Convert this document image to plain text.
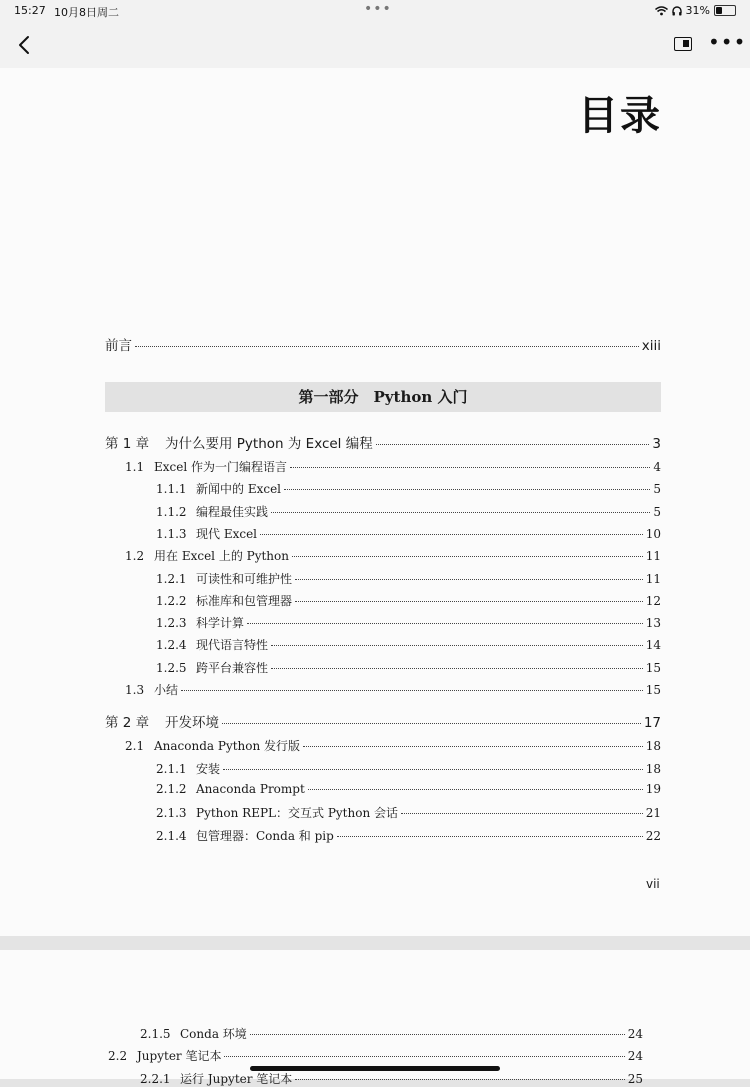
15:27 10月8日周二	•••	31%
•••
目录
前言	xiii
第一部分　Python 入门
第 1 章	为什么要用 Python 为 Excel 编程	3
1.1 Excel 作为一门编程语言	4
1.1.1 新闻中的 Excel	5
1.1.2 编程最佳实践	5
1.1.3 现代 Excel	10
1.2 用在 Excel 上的 Python	11
1.2.1 可读性和可维护性	11
1.2.2 标准库和包管理器	12
1.2.3 科学计算	13
1.2.4 现代语言特性	14
1.2.5 跨平台兼容性	15
1.3 小结	15
第 2 章	开发环境	17
2.1 Anaconda Python 发行版	18
2.1.1 安装	18
2.1.2 Anaconda Prompt	19
2.1.3 Python REPL：交互式 Python 会话	21
2.1.4 包管理器：Conda 和 pip	22
vii
2.1.5 Conda 环境	24
2.2 Jupyter 笔记本	24
2.2.1 运行 Jupyter 笔记本	25
